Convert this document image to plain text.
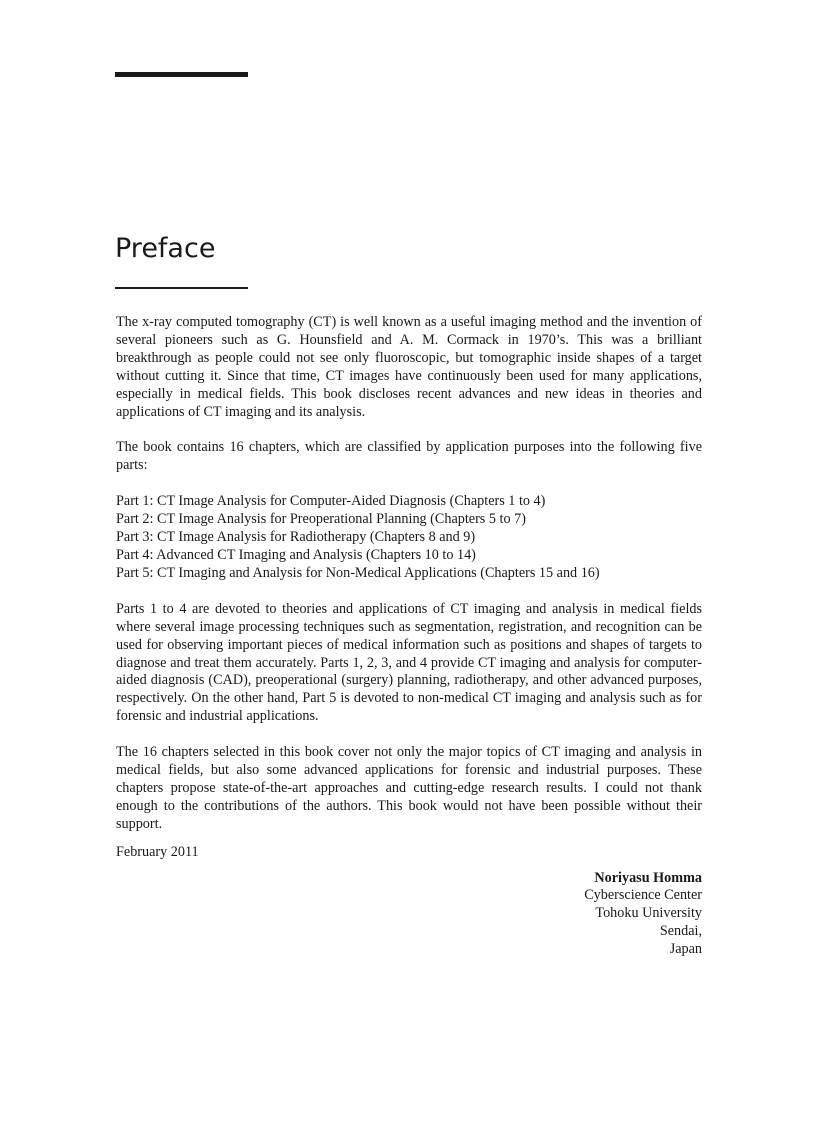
Preface

The x-ray computed tomography (CT) is well known as a useful imaging method and the invention of several pioneers such as G. Hounsfield and A. M. Cormack in 1970’s. This was a brilliant breakthrough as people could not see only fluoroscopic, but tomographic inside shapes of a target without cutting it. Since that time, CT images have continuously been used for many applications, especially in medical fields. This book discloses recent advances and new ideas in theories and applications of CT imaging and its analysis.

The book contains 16 chapters, which are classified by application purposes into the following five parts:

Part 1: CT Image Analysis for Computer-Aided Diagnosis (Chapters 1 to 4)
Part 2: CT Image Analysis for Preoperational Planning (Chapters 5 to 7)
Part 3: CT Image Analysis for Radiotherapy (Chapters 8 and 9)
Part 4: Advanced CT Imaging and Analysis (Chapters 10 to 14)
Part 5: CT Imaging and Analysis for Non-Medical Applications (Chapters 15 and 16)

Parts 1 to 4 are devoted to theories and applications of CT imaging and analysis in medical fields where several image processing techniques such as segmentation, registration, and recognition can be used for observing important pieces of medical information such as positions and shapes of targets to diagnose and treat them accurately. Parts 1, 2, 3, and 4 provide CT imaging and analysis for computer-aided diagnosis (CAD), preoperational (surgery) planning, radiotherapy, and other advanced purposes, respectively. On the other hand, Part 5 is devoted to non-medical CT imaging and analysis such as for forensic and industrial applications.

The 16 chapters selected in this book cover not only the major topics of CT imaging and analysis in medical fields, but also some advanced applications for forensic and industrial purposes. These chapters propose state-of-the-art approaches and cutting-edge research results. I could not thank enough to the contributions of the authors. This book would not have been possible without their support.

February 2011

Noriyasu Homma
Cyberscience Center
Tohoku University
Sendai,
Japan
